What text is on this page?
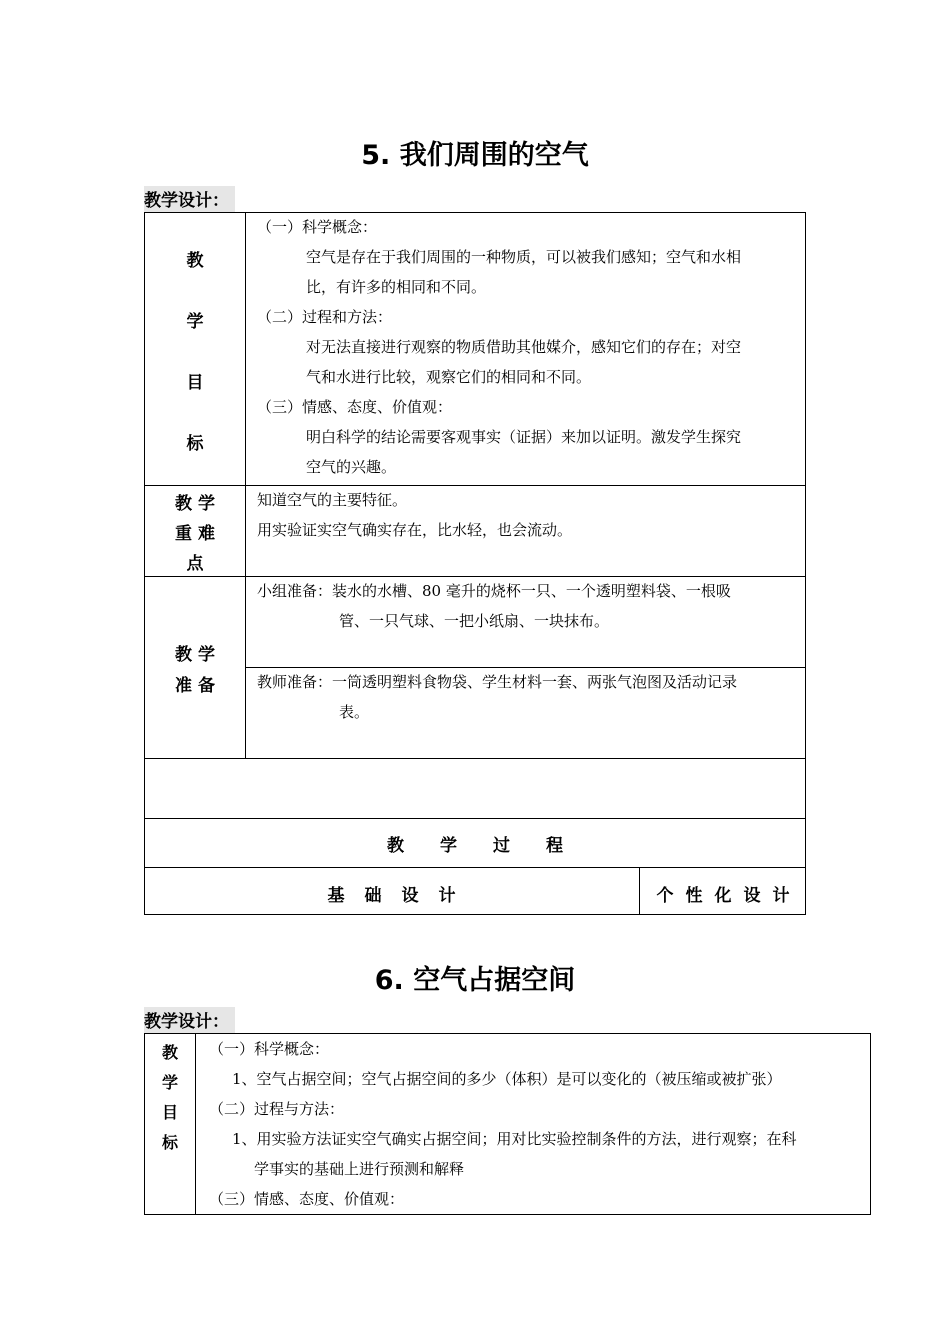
5. 我们周围的空气
教学设计：
教
学
目
标
（一）科学概念：
空气是存在于我们周围的一种物质，可以被我们感知；空气和水相
比，有许多的相同和不同。
（二）过程和方法：
对无法直接进行观察的物质借助其他媒介，感知它们的存在；对空
气和水进行比较，观察它们的相同和不同。
（三）情感、态度、价值观：
明白科学的结论需要客观事实（证据）来加以证明。激发学生探究
空气的兴趣。
教 学
重 难
点
知道空气的主要特征。
用实验证实空气确实存在，比水轻，也会流动。
教 学
准 备
小组准备：装水的水槽、80 毫升的烧杯一只、一个透明塑料袋、一根吸
管、一只气球、一把小纸扇、一块抹布。
教师准备：一筒透明塑料食物袋、学生材料一套、两张气泡图及活动记录
表。
教学过程
基础设计	个性化设计
6. 空气占据空间
教学设计：
教
学
目
标
（一）科学概念：
1、空气占据空间；空气占据空间的多少（体积）是可以变化的（被压缩或被扩张）
（二）过程与方法：
1、用实验方法证实空气确实占据空间；用对比实验控制条件的方法，进行观察；在科
学事实的基础上进行预测和解释
（三）情感、态度、价值观：
